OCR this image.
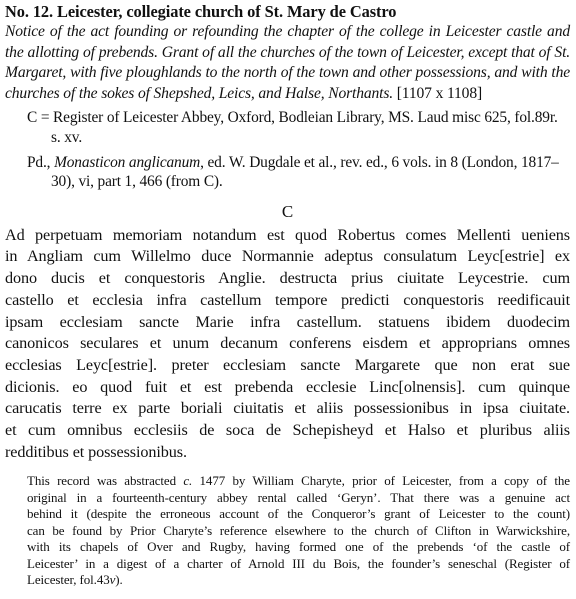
No. 12. Leicester, collegiate church of St. Mary de Castro

Notice of the act founding or refounding the chapter of the college in Leicester castle and the allotting of prebends. Grant of all the churches of the town of Leicester, except that of St. Margaret, with five ploughlands to the north of the town and other possessions, and with the churches of the sokes of Shepshed, Leics, and Halse, Northants. [1107 x 1108]

C = Register of Leicester Abbey, Oxford, Bodleian Library, MS. Laud misc 625, fol.89r. s. xv.

Pd., Monasticon anglicanum, ed. W. Dugdale et al., rev. ed., 6 vols. in 8 (London, 1817–30), vi, part 1, 466 (from C).

C

Ad perpetuam memoriam notandum est quod Robertus comes Mellenti ueniens
in Angliam cum Willelmo duce Normannie adeptus consulatum Leyc[estrie] ex
dono ducis et conquestoris Anglie. destructa prius ciuitate Leycestrie. cum
castello et ecclesia infra castellum tempore predicti conquestoris reedificauit
ipsam ecclesiam sancte Marie infra castellum. statuens ibidem duodecim
canonicos seculares et unum decanum conferens eisdem et approprians omnes
ecclesias Leyc[estrie]. preter ecclesiam sancte Margarete que non erat sue
dicionis. eo quod fuit et est prebenda ecclesie Linc[olnensis]. cum quinque
carucatis terre ex parte boriali ciuitatis et aliis possessionibus in ipsa ciuitate.
et cum omnibus ecclesiis de soca de Schepisheyd et Halso et pluribus aliis
redditibus et possessionibus.

This record was abstracted c. 1477 by William Charyte, prior of Leicester, from a copy of the
original in a fourteenth-century abbey rental called ‘Geryn’. That there was a genuine act
behind it (despite the erroneous account of the Conqueror’s grant of Leicester to the count)
can be found by Prior Charyte’s reference elsewhere to the church of Clifton in Warwickshire,
with its chapels of Over and Rugby, having formed one of the prebends ‘of the castle of
Leicester’ in a digest of a charter of Arnold III du Bois, the founder’s seneschal (Register of
Leicester, fol.43v).
